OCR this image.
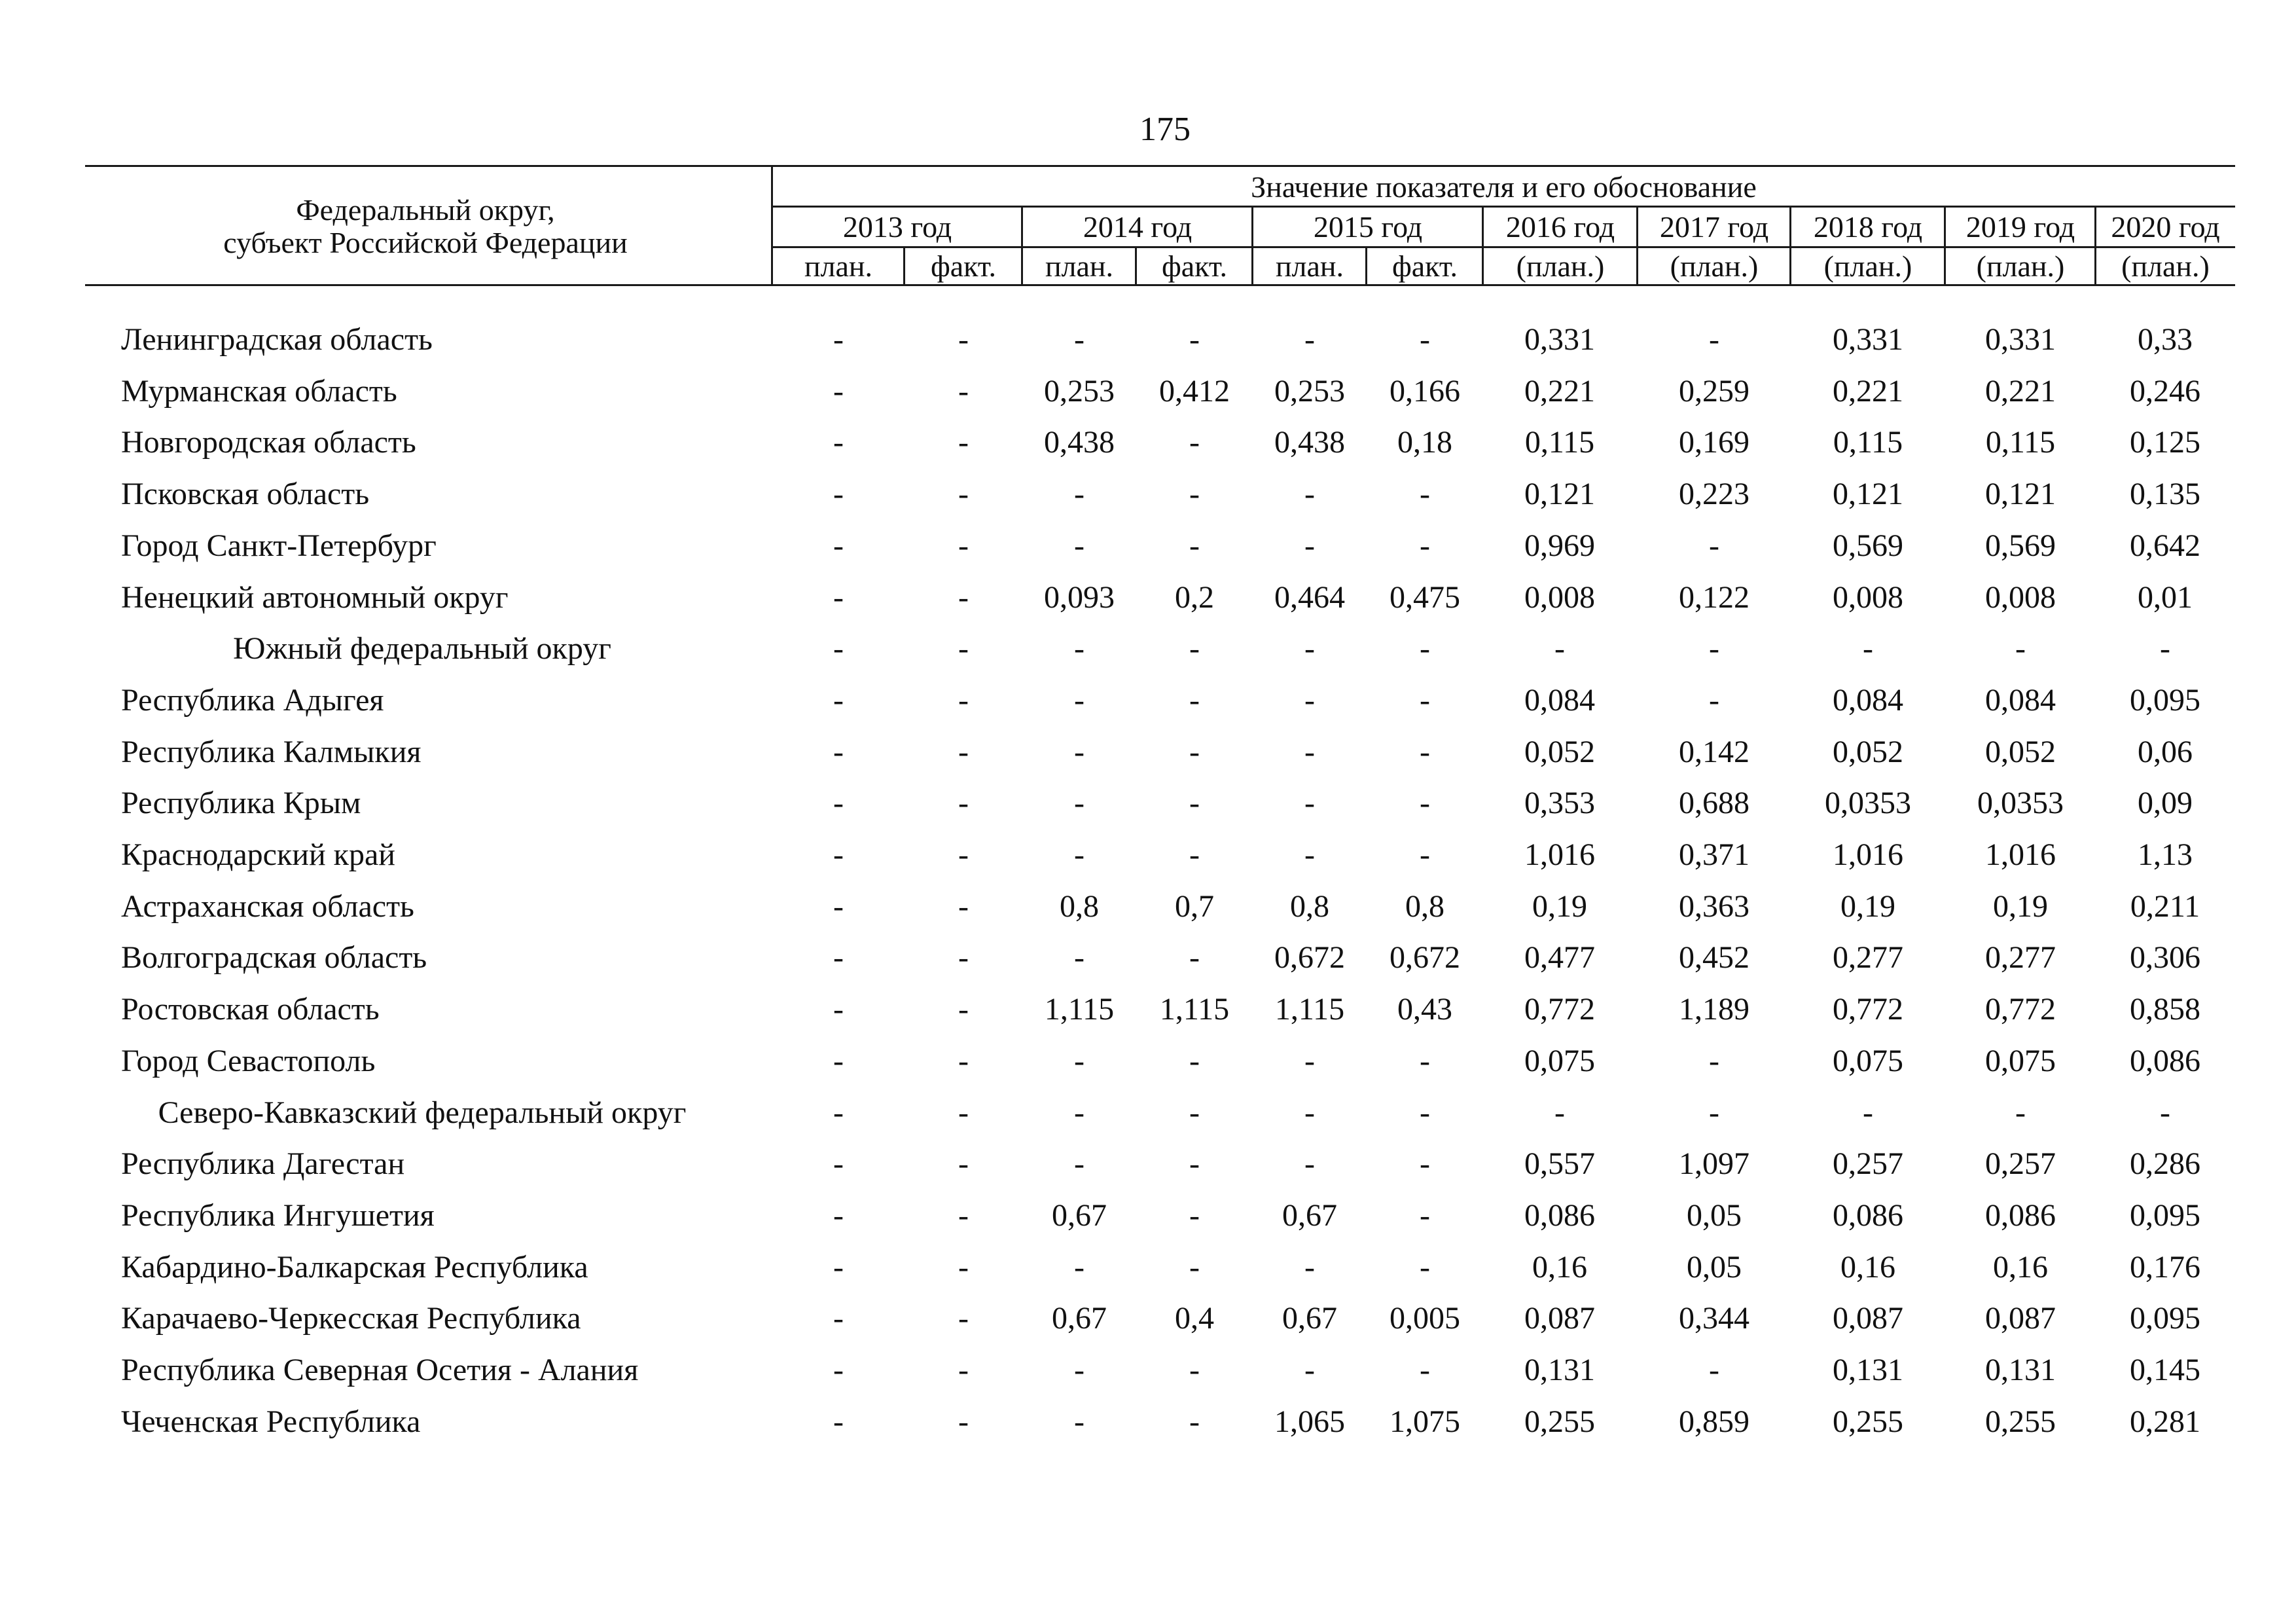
175
Федеральный округ,
субъект Российской Федерации
Значение показателя и его обоснование
2013 год	2014 год	2015 год	2016 год	2017 год	2018 год	2019 год	2020 год
план.	факт.	план.	факт.	план.	факт.	(план.)	(план.)	(план.)	(план.)	(план.)
Ленинградская область	-	-	-	-	-	-	0,331	-	0,331	0,331	0,33
Мурманская область	-	-	0,253	0,412	0,253	0,166	0,221	0,259	0,221	0,221	0,246
Новгородская область	-	-	0,438	-	0,438	0,18	0,115	0,169	0,115	0,115	0,125
Псковская область	-	-	-	-	-	-	0,121	0,223	0,121	0,121	0,135
Город Санкт-Петербург	-	-	-	-	-	-	0,969	-	0,569	0,569	0,642
Ненецкий автономный округ	-	-	0,093	0,2	0,464	0,475	0,008	0,122	0,008	0,008	0,01
Южный федеральный округ	-	-	-	-	-	-	-	-	-	-	-
Республика Адыгея	-	-	-	-	-	-	0,084	-	0,084	0,084	0,095
Республика Калмыкия	-	-	-	-	-	-	0,052	0,142	0,052	0,052	0,06
Республика Крым	-	-	-	-	-	-	0,353	0,688	0,0353	0,0353	0,09
Краснодарский край	-	-	-	-	-	-	1,016	0,371	1,016	1,016	1,13
Астраханская область	-	-	0,8	0,7	0,8	0,8	0,19	0,363	0,19	0,19	0,211
Волгоградская область	-	-	-	-	0,672	0,672	0,477	0,452	0,277	0,277	0,306
Ростовская область	-	-	1,115	1,115	1,115	0,43	0,772	1,189	0,772	0,772	0,858
Город Севастополь	-	-	-	-	-	-	0,075	-	0,075	0,075	0,086
Северо-Кавказский федеральный округ	-	-	-	-	-	-	-	-	-	-	-
Республика Дагестан	-	-	-	-	-	-	0,557	1,097	0,257	0,257	0,286
Республика Ингушетия	-	-	0,67	-	0,67	-	0,086	0,05	0,086	0,086	0,095
Кабардино-Балкарская Республика	-	-	-	-	-	-	0,16	0,05	0,16	0,16	0,176
Карачаево-Черкесская Республика	-	-	0,67	0,4	0,67	0,005	0,087	0,344	0,087	0,087	0,095
Республика Северная Осетия - Алания	-	-	-	-	-	-	0,131	-	0,131	0,131	0,145
Чеченская Республика	-	-	-	-	1,065	1,075	0,255	0,859	0,255	0,255	0,281
